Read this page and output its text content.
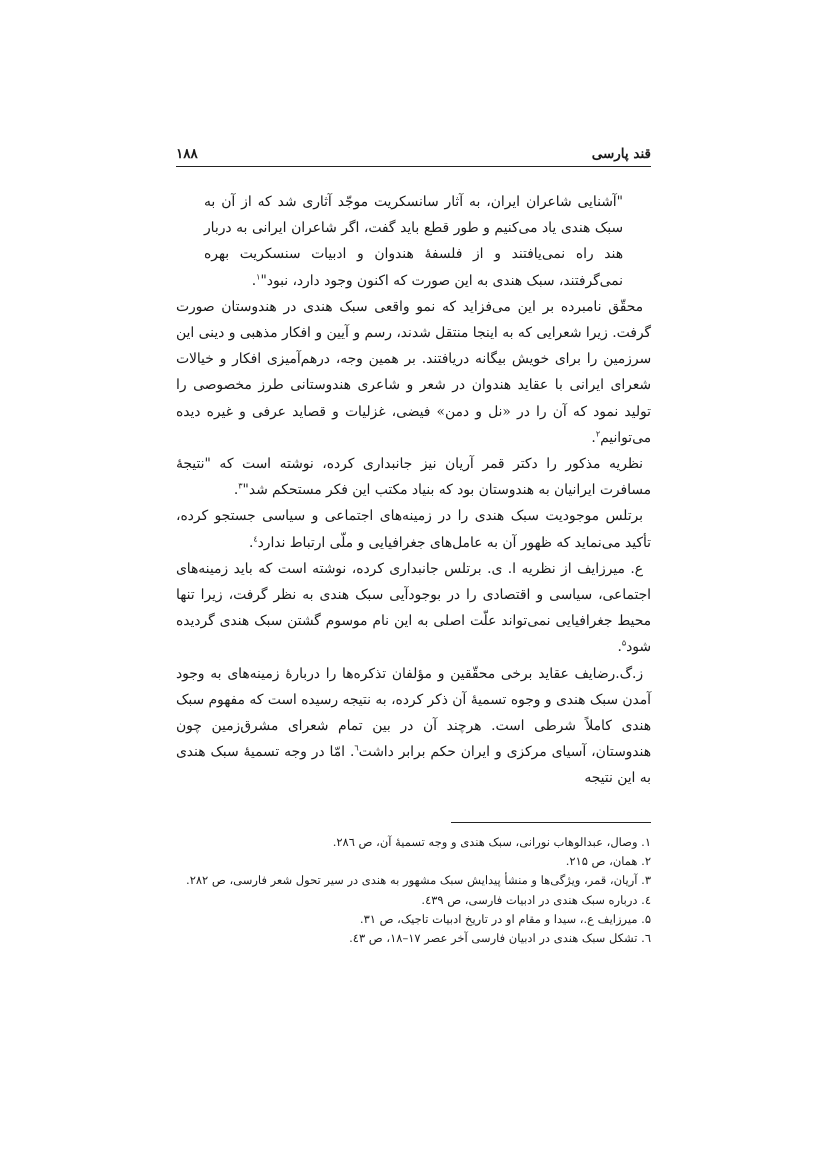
قند پارسی
۱۸۸

"آشنایی شاعران ایران، به آثار سانسکریت موجّد آثاری شد که از آن به سبک هندی یاد می‌کنیم و طور قطع باید گفت، اگر شاعران ایرانی به دربار هند راه نمی‌یافتند و از فلسفهٔ هندوان و ادبیات سنسکریت بهره نمی‌گرفتند، سبک هندی به این صورت که اکنون وجود دارد، نبود"$^۱$.

محقّق نامبرده بر این می‌فزاید که نمو واقعی سبک هندی در هندوستان صورت گرفت. زیرا شعرایی که به اینجا منتقل شدند، رسم و آیین و افکار مذهبی و دینی این سرزمین را برای خویش بیگانه دریافتند. بر همین وجه، درهم‌آمیزی افکار و خیالات شعرای ایرانی با عقاید هندوان در شعر و شاعری هندوستانی طرز مخصوصی را تولید نمود که آن را در «نل و دمن» فیضی، غزلیات و قصاید عرفی و غیره دیده می‌توانیم$^۲$.
نظریه مذکور را دکتر قمر آریان نیز جانبداری کرده، نوشته است که "نتیجهٔ مسافرت ایرانیان به هندوستان بود که بنیاد مکتب این فکر مستحکم شد"$^۳$.
برتلس موجودیت سبک هندی را در زمینه‌های اجتماعی و سیاسی جستجو کرده، تأکید می‌نماید که ظهور آن به عامل‌های جغرافیایی و ملّی ارتباط ندارد$^٤$.
ع. میرزایف از نظریه ا. ی. برتلس جانبداری کرده، نوشته است که باید زمینه‌های اجتماعی، سیاسی و اقتصادی را در بوجودآیی سبک هندی به نظر گرفت، زیرا تنها محیط جغرافیایی نمی‌تواند علّت اصلی به این نام موسوم گشتن سبک هندی گردیده شود$^۵$.
ز.گ.رضایف عقاید برخی محقّقین و مؤلفان تذکره‌ها را دربارهٔ زمینه‌های به وجود آمدن سبک هندی و وجوه تسمیهٔ آن ذکر کرده، به نتیجه رسیده است که مفهوم سبک هندی کاملاً شرطی است. هرچند آن در بین تمام شعرای مشرق‌زمین چون هندوستان، آسیای مرکزی و ایران حکم برابر داشت$^٦$. امّا در وجه تسمیهٔ سبک هندی به این نتیجه
۱. وصال، عبدالوهاب نورانی، سبک هندی و وجه تسمیهٔ آن، ص ۲۸٦.
۲. همان، ص ۲۱۵.
۳. آریان، قمر، ویژگی‌ها و منشأ پیدایش سبک مشهور به هندی در سیر تحول شعر فارسی، ص ۲۸۲.
٤. درباره سبک هندی در ادبیات فارسی، ص ٤۳۹.
۵. میرزایف ع.، سیدا و مقام او در تاریخ ادبیات تاجیک، ص ۳۱.
٦. تشکل سبک هندی در ادبیان فارسی آخر عصر ۱۷–۱۸، ص ٤۳.
